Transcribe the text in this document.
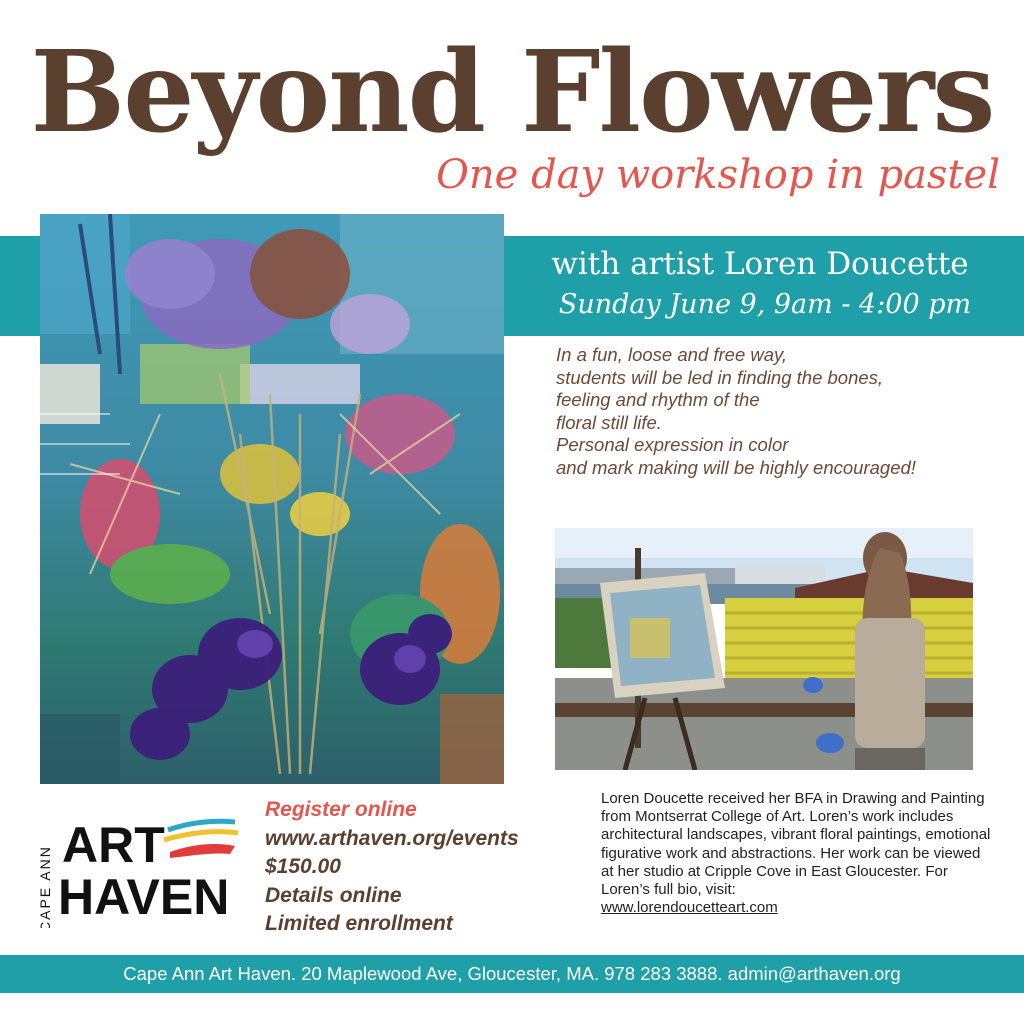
Beyond Flowers
One day workshop in pastel
with artist Loren Doucette
Sunday June 9, 9am - 4:00 pm
In a fun, loose and free way,
students will be led in finding the bones,
feeling and rhythm of the
floral still life.
Personal expression in color
and mark making will be highly encouraged!
CAPE ANN
ART
HAVEN
Register online
www.arthaven.org/events
$150.00
Details online
Limited enrollment
Loren Doucette received her BFA in Drawing and Painting from Montserrat College of Art. Loren’s work includes architectural landscapes, vibrant floral paintings, emotional figurative work and abstractions. Her work can be viewed at her studio at Cripple Cove in East Gloucester. For Loren’s full bio, visit:
www.lorendoucetteart.com
Cape Ann Art Haven. 20 Maplewood Ave, Gloucester, MA. 978 283 3888. admin@arthaven.org
